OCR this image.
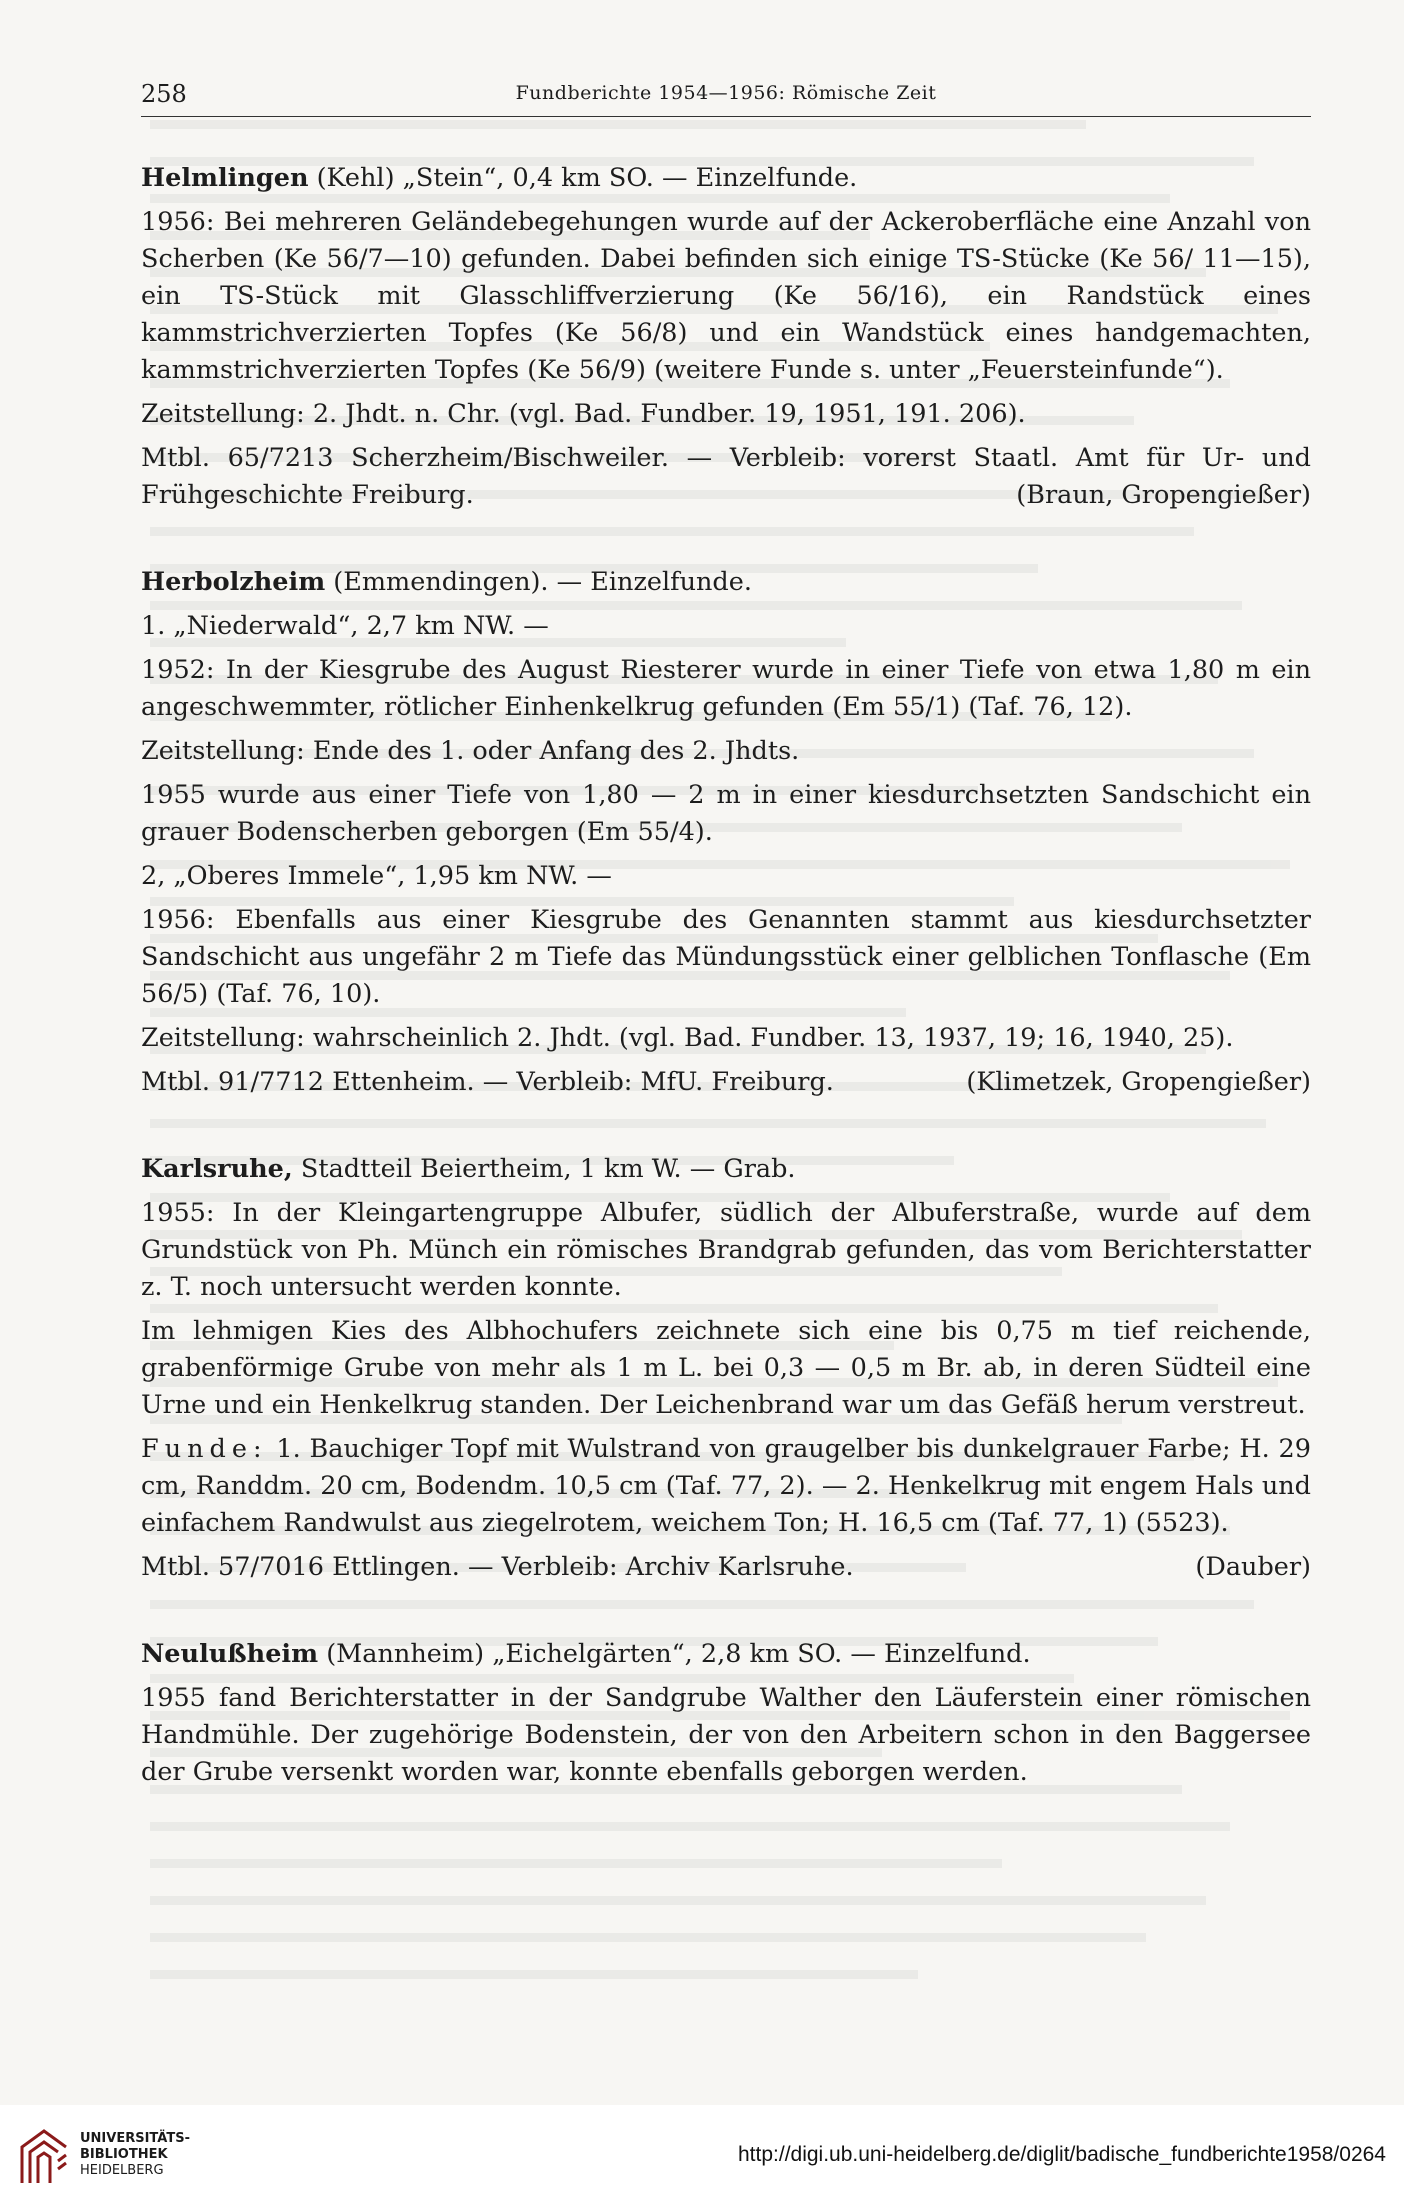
258	Fundberichte 1954—1956: Römische Zeit
Helmlingen (Kehl) „Stein“, 0,4 km SO. — Einzelfunde.

1956: Bei mehreren Geländebegehungen wurde auf der Ackeroberfläche eine Anzahl von Scherben (Ke 56/7—10) gefunden. Dabei befinden sich einige TS-Stücke (Ke 56/ 11—15), ein TS-Stück mit Glasschliffverzierung (Ke 56/16), ein Randstück eines kammstrichverzierten Topfes (Ke 56/8) und ein Wandstück eines handgemachten, kammstrichverzierten Topfes (Ke 56/9) (weitere Funde s. unter „Feuersteinfunde“).

Zeitstellung: 2. Jhdt. n. Chr. (vgl. Bad. Fundber. 19, 1951, 191. 206).

Mtbl. 65/7213 Scherzheim/Bischweiler. — Verbleib: vorerst Staatl. Amt für Ur- und

Frühgeschichte Freiburg.	(Braun, Gropengießer)
Herbolzheim (Emmendingen). — Einzelfunde.

1. „Niederwald“, 2,7 km NW. —

1952: In der Kiesgrube des August Riesterer wurde in einer Tiefe von etwa 1,80 m ein angeschwemmter, rötlicher Einhenkelkrug gefunden (Em 55/1) (Taf. 76, 12).

Zeitstellung: Ende des 1. oder Anfang des 2. Jhdts.

1955 wurde aus einer Tiefe von 1,80 — 2 m in einer kiesdurchsetzten Sandschicht ein grauer Bodenscherben geborgen (Em 55/4).

2, „Oberes Immele“, 1,95 km NW. —

1956: Ebenfalls aus einer Kiesgrube des Genannten stammt aus kiesdurchsetzter Sandschicht aus ungefähr 2 m Tiefe das Mündungsstück einer gelblichen Tonflasche (Em 56/5) (Taf. 76, 10).

Zeitstellung: wahrscheinlich 2. Jhdt. (vgl. Bad. Fundber. 13, 1937, 19; 16, 1940, 25).

Mtbl. 91/7712 Ettenheim. — Verbleib: MfU. Freiburg.	(Klimetzek, Gropengießer)
Karlsruhe, Stadtteil Beiertheim, 1 km W. — Grab.

1955: In der Kleingartengruppe Albufer, südlich der Albuferstraße, wurde auf dem Grundstück von Ph. Münch ein römisches Brandgrab gefunden, das vom Berichterstatter z. T. noch untersucht werden konnte.

Im lehmigen Kies des Albhochufers zeichnete sich eine bis 0,75 m tief reichende, grabenförmige Grube von mehr als 1 m L. bei 0,3 — 0,5 m Br. ab, in deren Südteil eine Urne und ein Henkelkrug standen. Der Leichenbrand war um das Gefäß herum verstreut.

Funde: 1. Bauchiger Topf mit Wulstrand von graugelber bis dunkelgrauer Farbe; H. 29 cm, Randdm. 20 cm, Bodendm. 10,5 cm (Taf. 77, 2). — 2. Henkelkrug mit engem Hals und einfachem Randwulst aus ziegelrotem, weichem Ton; H. 16,5 cm (Taf. 77, 1) (5523).

Mtbl. 57/7016 Ettlingen. — Verbleib: Archiv Karlsruhe.	(Dauber)
Neulußheim (Mannheim) „Eichelgärten“, 2,8 km SO. — Einzelfund.

1955 fand Berichterstatter in der Sandgrube Walther den Läuferstein einer römischen Handmühle. Der zugehörige Bodenstein, der von den Arbeitern schon in den Baggersee der Grube versenkt worden war, konnte ebenfalls geborgen werden.

UNIVERSITÄTS-
BIBLIOTHEK
HEIDELBERG
http://digi.ub.uni-heidelberg.de/diglit/badische_fundberichte1958/0264
